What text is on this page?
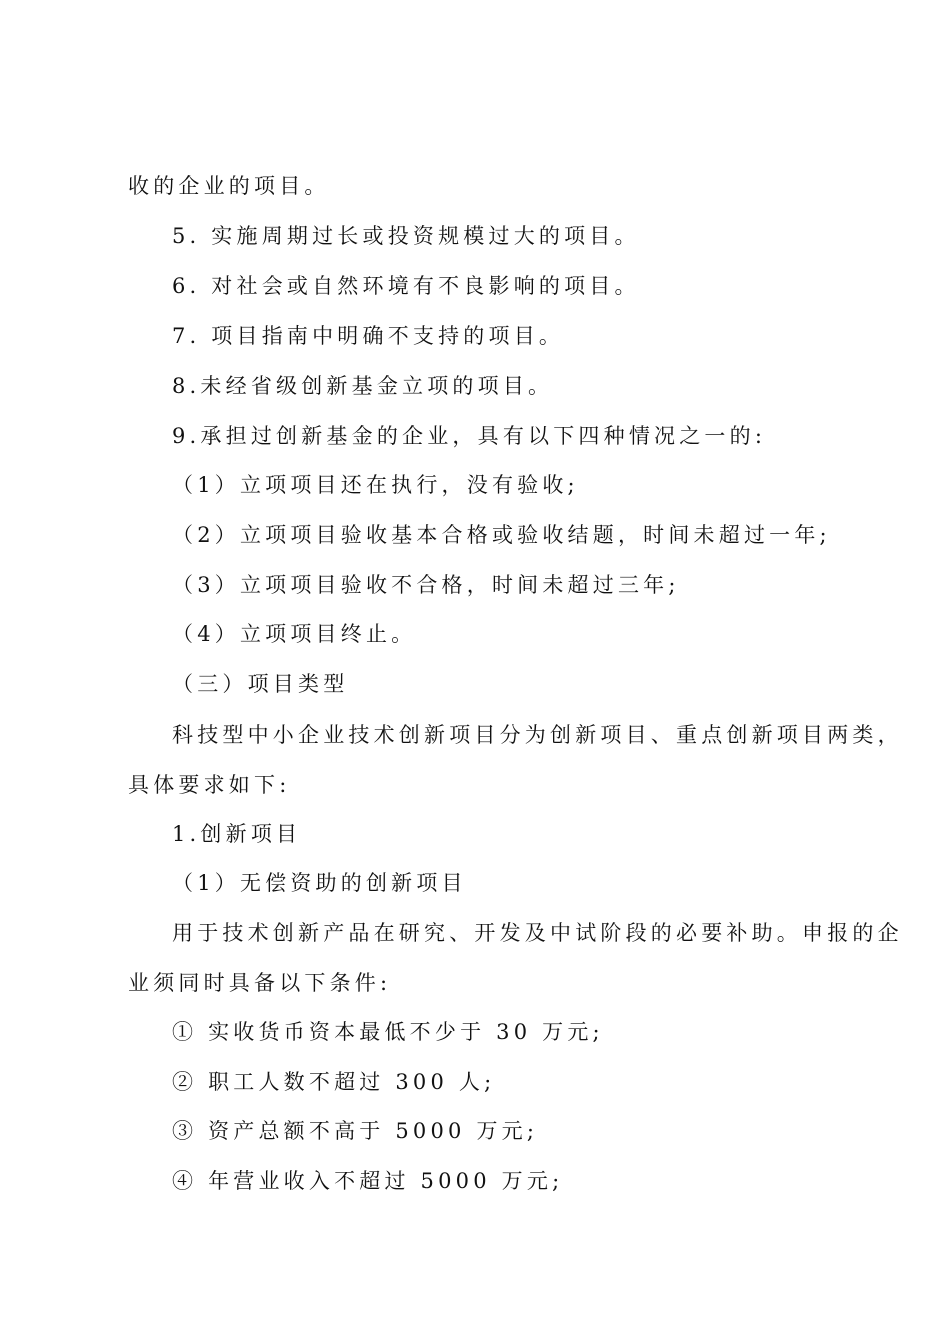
收的企业的项目。
5. 实施周期过长或投资规模过大的项目。
6. 对社会或自然环境有不良影响的项目。
7. 项目指南中明确不支持的项目。
8.未经省级创新基金立项的项目。
9.承担过创新基金的企业，具有以下四种情况之一的:
（1）立项项目还在执行，没有验收;
（2）立项项目验收基本合格或验收结题，时间未超过一年;
（3）立项项目验收不合格，时间未超过三年;
（4）立项项目终止。
（三）项目类型
科技型中小企业技术创新项目分为创新项目、重点创新项目两类，
具体要求如下:
1.创新项目
（1）无偿资助的创新项目
用于技术创新产品在研究、开发及中试阶段的必要补助。申报的企
业须同时具备以下条件:
① 实收货币资本最低不少于 30 万元;
② 职工人数不超过 300 人;
③ 资产总额不高于 5000 万元;
④ 年营业收入不超过 5000 万元;
